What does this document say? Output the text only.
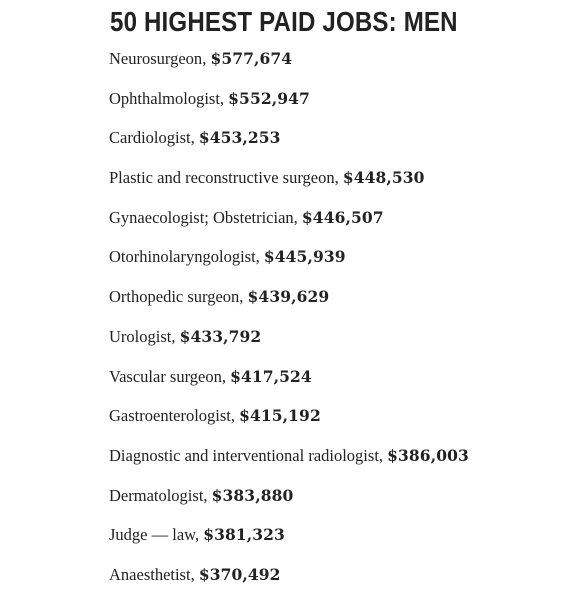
50 HIGHEST PAID JOBS: MEN
Neurosurgeon, $577,674
Ophthalmologist, $552,947
Cardiologist, $453,253
Plastic and reconstructive surgeon, $448,530
Gynaecologist; Obstetrician, $446,507
Otorhinolaryngologist, $445,939
Orthopedic surgeon, $439,629
Urologist, $433,792
Vascular surgeon, $417,524
Gastroenterologist, $415,192
Diagnostic and interventional radiologist, $386,003
Dermatologist, $383,880
Judge — law, $381,323
Anaesthetist, $370,492
